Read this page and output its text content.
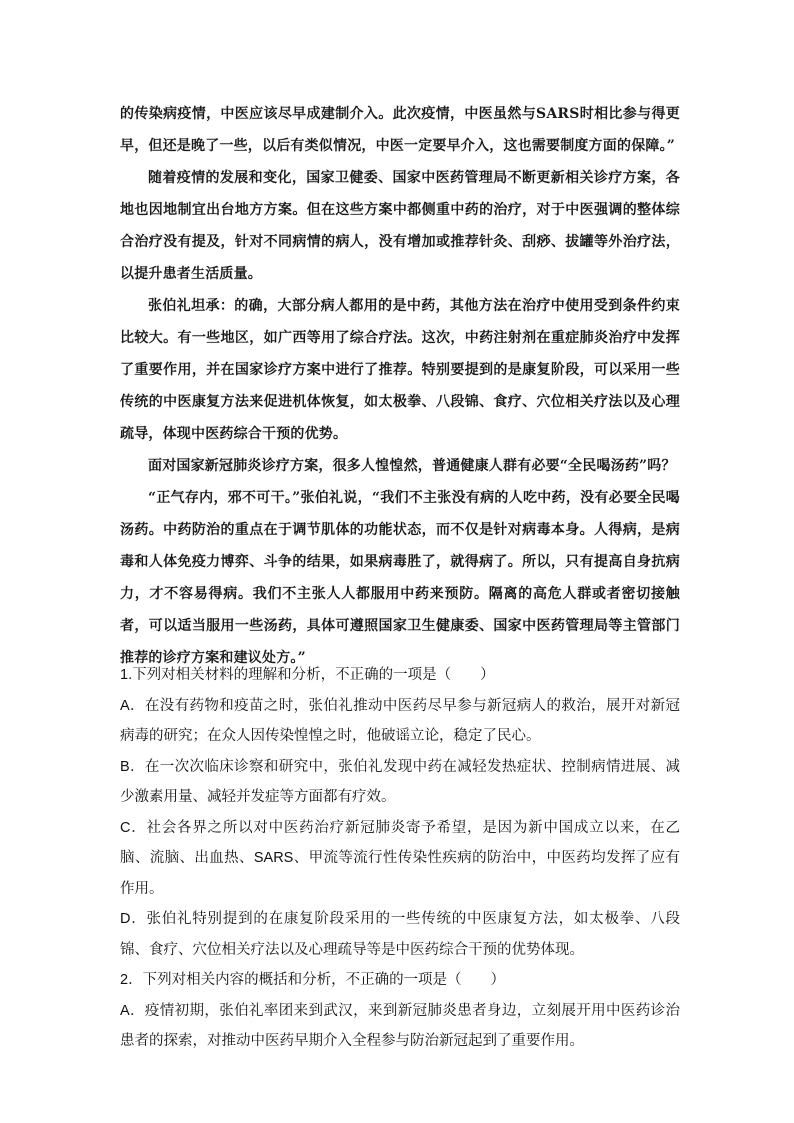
的传染病疫情，中医应该尽早成建制介入。此次疫情，中医虽然与SARS时相比参与得更早，但还是晚了一些，以后有类似情况，中医一定要早介入，这也需要制度方面的保障。”

随着疫情的发展和变化，国家卫健委、国家中医药管理局不断更新相关诊疗方案，各地也因地制宜出台地方方案。但在这些方案中都侧重中药的治疗，对于中医强调的整体综合治疗没有提及，针对不同病情的病人，没有增加或推荐针灸、刮痧、拔罐等外治疗法，以提升患者生活质量。

张伯礼坦承：的确，大部分病人都用的是中药，其他方法在治疗中使用受到条件约束比较大。有一些地区，如广西等用了综合疗法。这次，中药注射剂在重症肺炎治疗中发挥了重要作用，并在国家诊疗方案中进行了推荐。特别要提到的是康复阶段，可以采用一些传统的中医康复方法来促进机体恢复，如太极拳、八段锦、食疗、穴位相关疗法以及心理疏导，体现中医药综合干预的优势。

面对国家新冠肺炎诊疗方案，很多人惶惶然，普通健康人群有必要“全民喝汤药”吗？

“正气存内，邪不可干。”张伯礼说，“我们不主张没有病的人吃中药，没有必要全民喝汤药。中药防治的重点在于调节肌体的功能状态，而不仅是针对病毒本身。人得病，是病毒和人体免疫力博弈、斗争的结果，如果病毒胜了，就得病了。所以，只有提高自身抗病力，才不容易得病。我们不主张人人都服用中药来预防。隔离的高危人群或者密切接触者，可以适当服用一些汤药，具体可遵照国家卫生健康委、国家中医药管理局等主管部门推荐的诊疗方案和建议处方。”

1.下列对相关材料的理解和分析，不正确的一项是（　　）

A．在没有药物和疫苗之时，张伯礼推动中医药尽早参与新冠病人的救治，展开对新冠病毒的研究；在众人因传染惶惶之时，他破谣立论，稳定了民心。

B．在一次次临床诊察和研究中，张伯礼发现中药在减轻发热症状、控制病情进展、减少激素用量、减轻并发症等方面都有疗效。

C．社会各界之所以对中医药治疗新冠肺炎寄予希望，是因为新中国成立以来，在乙脑、流脑、出血热、SARS、甲流等流行性传染性疾病的防治中，中医药均发挥了应有作用。

D．张伯礼特别提到的在康复阶段采用的一些传统的中医康复方法，如太极拳、八段锦、食疗、穴位相关疗法以及心理疏导等是中医药综合干预的优势体现。

2．下列对相关内容的概括和分析，不正确的一项是（　　）

A．疫情初期，张伯礼率团来到武汉，来到新冠肺炎患者身边，立刻展开用中医药诊治患者的探索，对推动中医药早期介入全程参与防治新冠起到了重要作用。
